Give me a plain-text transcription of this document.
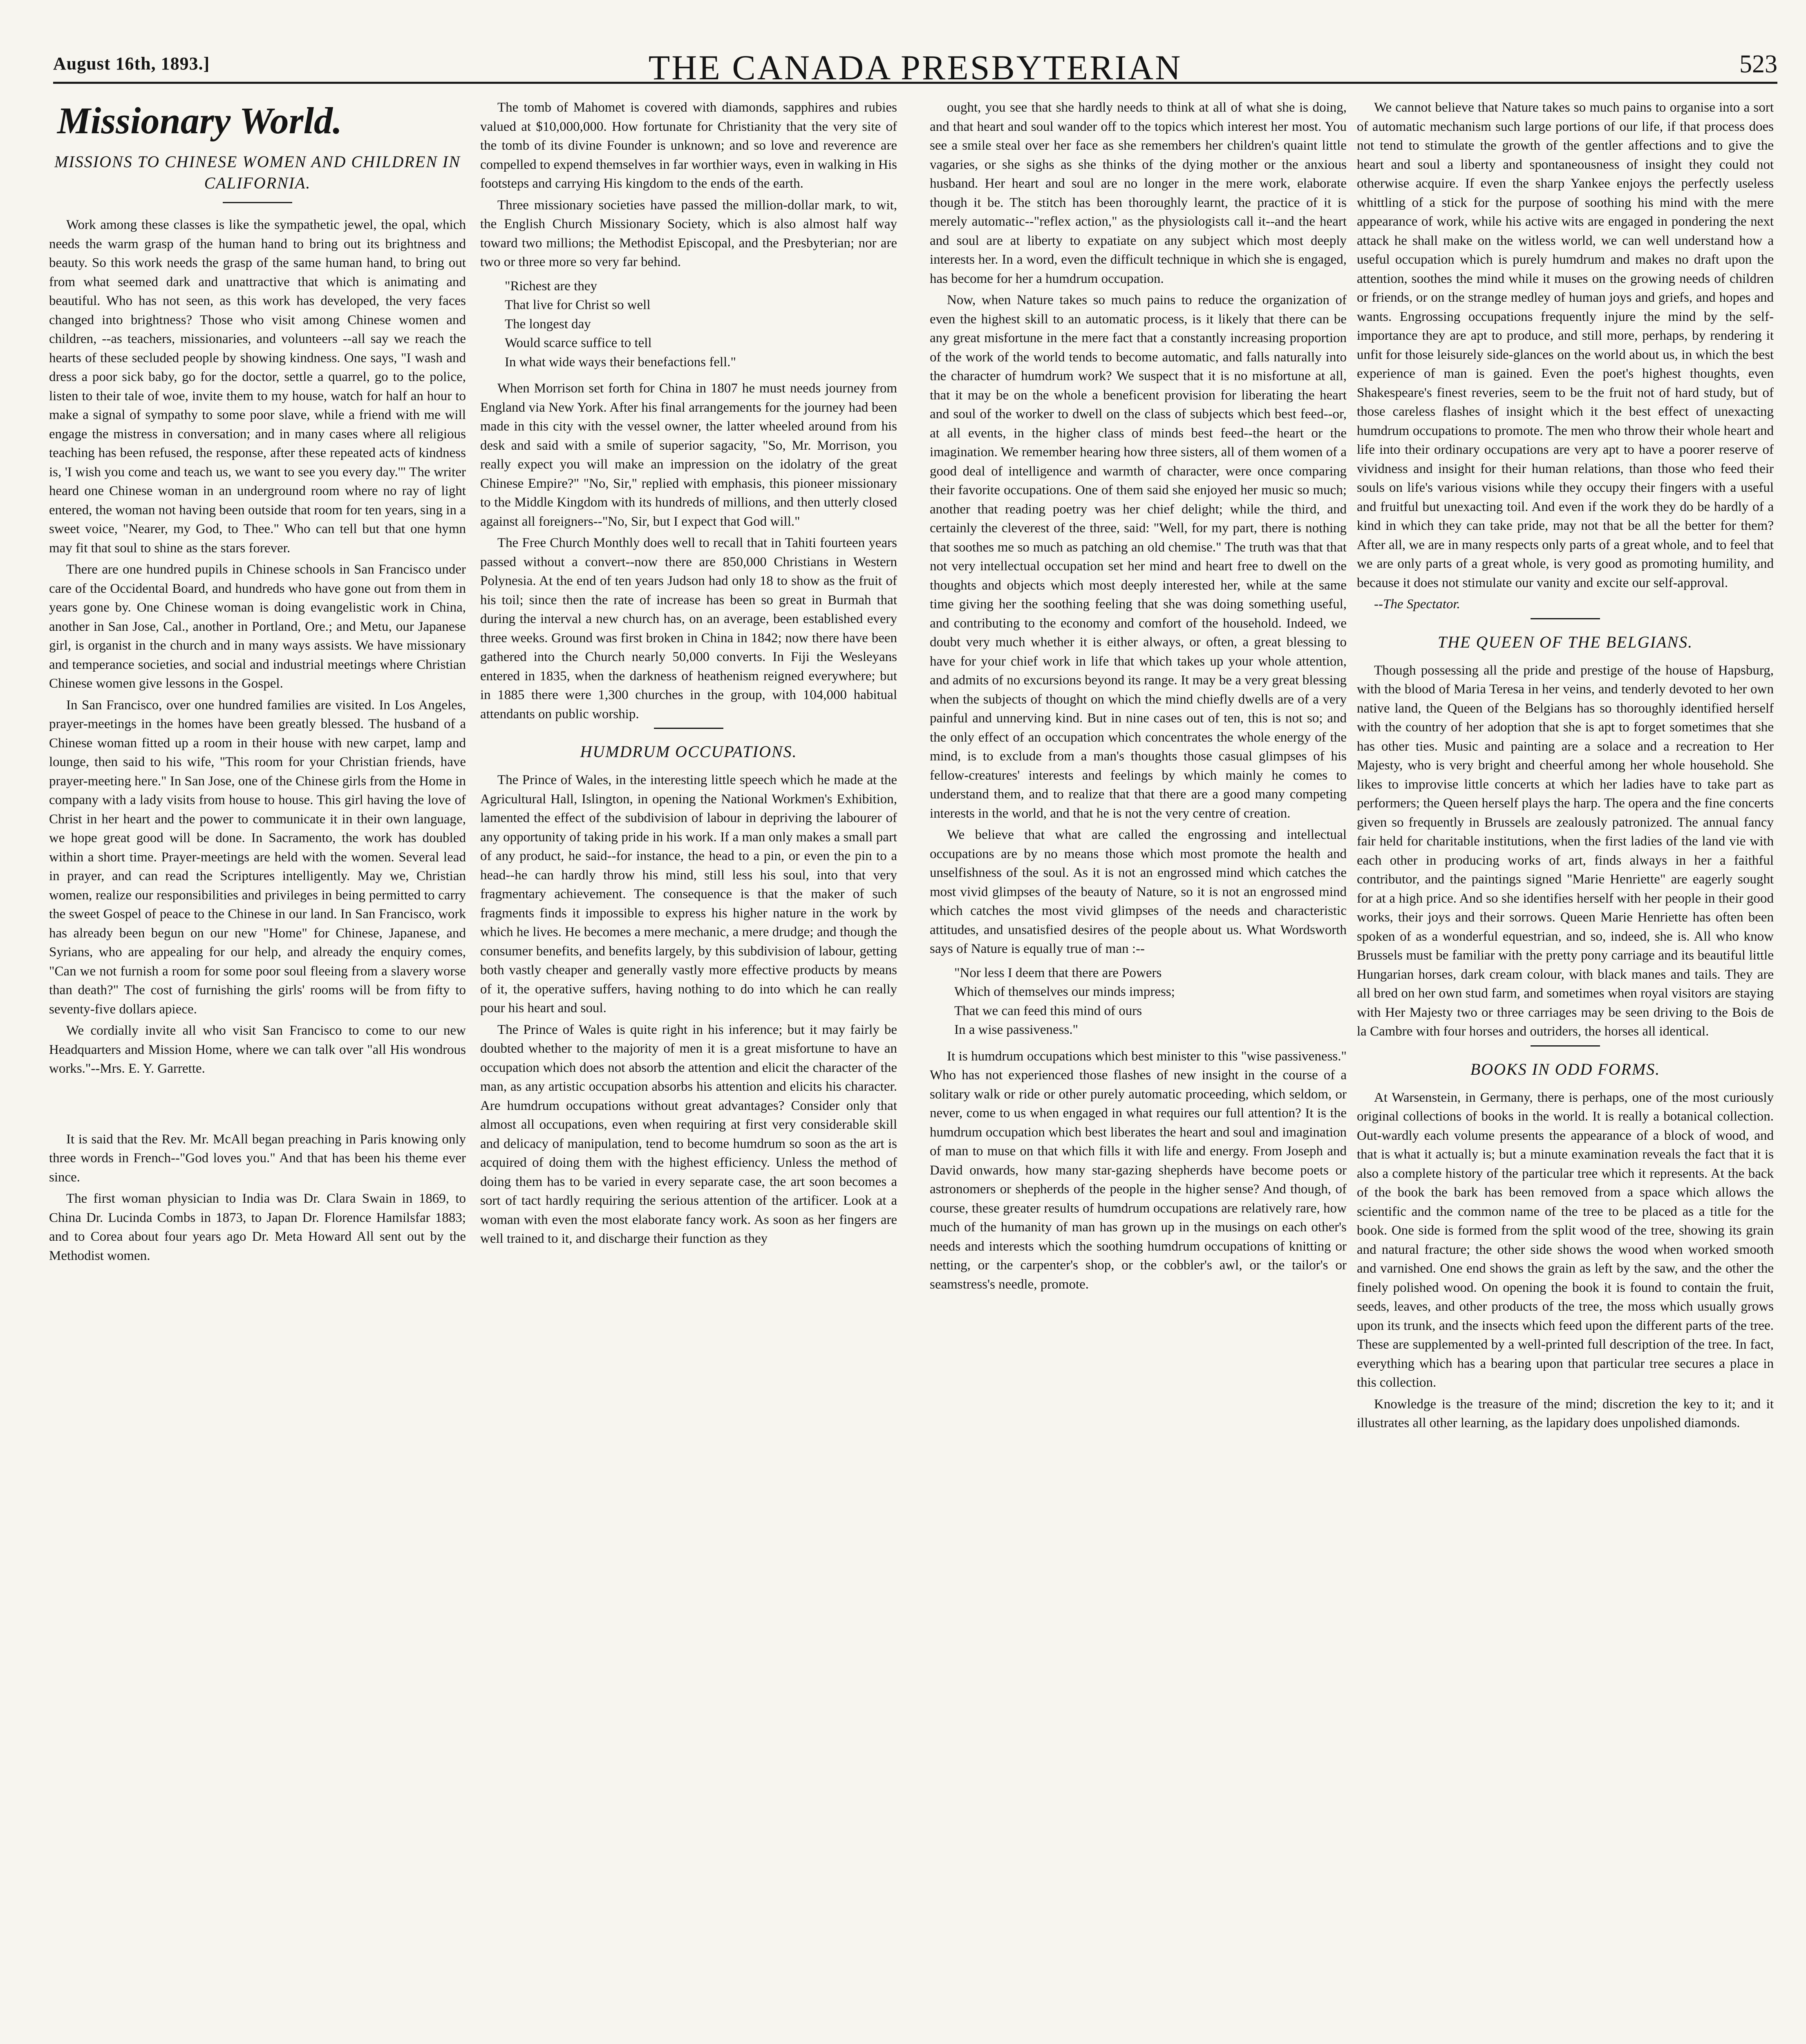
August 16th, 1893.]	THE CANADA PRESBYTERIAN	523
Missionary World.
MISSIONS TO CHINESE WOMEN AND CHILDREN IN CALIFORNIA.

Work among these classes is like the sympathetic jewel, the opal, which needs the warm grasp of the human hand to bring out its brightness and beauty. So this work needs the grasp of the same human hand, to bring out from what seemed dark and unattractive that which is animating and beautiful. Who has not seen, as this work has developed, the very faces changed into brightness? Those who visit among Chinese women and children, --as teachers, missionaries, and volunteers --all say we reach the hearts of these secluded people by showing kindness. One says, "I wash and dress a poor sick baby, go for the doctor, settle a quarrel, go to the police, listen to their tale of woe, invite them to my house, watch for half an hour to make a signal of sympathy to some poor slave, while a friend with me will engage the mistress in conversation; and in many cases where all religious teaching has been refused, the response, after these repeated acts of kindness is, 'I wish you come and teach us, we want to see you every day.'" The writer heard one Chinese woman in an underground room where no ray of light entered, the woman not having been outside that room for ten years, sing in a sweet voice, "Nearer, my God, to Thee." Who can tell but that one hymn may fit that soul to shine as the stars forever.

There are one hundred pupils in Chinese schools in San Francisco under care of the Occidental Board, and hundreds who have gone out from them in years gone by. One Chinese woman is doing evangelistic work in China, another in San Jose, Cal., another in Portland, Ore.; and Metu, our Japanese girl, is organist in the church and in many ways assists. We have missionary and temperance societies, and social and industrial meetings where Christian Chinese women give lessons in the Gospel.

In San Francisco, over one hundred families are visited. In Los Angeles, prayer-meetings in the homes have been greatly blessed. The husband of a Chinese woman fitted up a room in their house with new carpet, lamp and lounge, then said to his wife, "This room for your Christian friends, have prayer-meeting here." In San Jose, one of the Chinese girls from the Home in company with a lady visits from house to house. This girl having the love of Christ in her heart and the power to communicate it in their own language, we hope great good will be done. In Sacramento, the work has doubled within a short time. Prayer-meetings are held with the women. Several lead in prayer, and can read the Scriptures intelligently. May we, Christian women, realize our responsibilities and privileges in being permitted to carry the sweet Gospel of peace to the Chinese in our land. In San Francisco, work has already been begun on our new "Home" for Chinese, Japanese, and Syrians, who are appealing for our help, and already the enquiry comes, "Can we not furnish a room for some poor soul fleeing from a slavery worse than death?" The cost of furnishing the girls' rooms will be from fifty to seventy-five dollars apiece.

We cordially invite all who visit San Francisco to come to our new Headquarters and Mission Home, where we can talk over "all His wondrous works."--Mrs. E. Y. Garrette.

It is said that the Rev. Mr. McAll began preaching in Paris knowing only three words in French--"God loves you." And that has been his theme ever since.

The first woman physician to India was Dr. Clara Swain in 1869, to China Dr. Lucinda Combs in 1873, to Japan Dr. Florence Hamilsfar 1883; and to Corea about four years ago Dr. Meta Howard All sent out by the Methodist women.

The tomb of Mahomet is covered with diamonds, sapphires and rubies valued at $10,000,000. How fortunate for Christianity that the very site of the tomb of its divine Founder is unknown; and so love and reverence are compelled to expend themselves in far worthier ways, even in walking in His footsteps and carrying His kingdom to the ends of the earth.

Three missionary societies have passed the million-dollar mark, to wit, the English Church Missionary Society, which is also almost half way toward two millions; the Methodist Episcopal, and the Presbyterian; nor are two or three more so very far behind.

"Richest are they
That live for Christ so well
The longest day
Would scarce suffice to tell
In what wide ways their benefactions fell."

When Morrison set forth for China in 1807 he must needs journey from England via New York. After his final arrangements for the journey had been made in this city with the vessel owner, the latter wheeled around from his desk and said with a smile of superior sagacity, "So, Mr. Morrison, you really expect you will make an impression on the idolatry of the great Chinese Empire?" "No, Sir," replied with emphasis, this pioneer missionary to the Middle Kingdom with its hundreds of millions, and then utterly closed against all foreigners--"No, Sir, but I expect that God will."

The Free Church Monthly does well to recall that in Tahiti fourteen years passed without a convert--now there are 850,000 Christians in Western Polynesia. At the end of ten years Judson had only 18 to show as the fruit of his toil; since then the rate of increase has been so great in Burmah that during the interval a new church has, on an average, been established every three weeks. Ground was first broken in China in 1842; now there have been gathered into the Church nearly 50,000 converts. In Fiji the Wesleyans entered in 1835, when the darkness of heathenism reigned everywhere; but in 1885 there were 1,300 churches in the group, with 104,000 habitual attendants on public worship.

HUMDRUM OCCUPATIONS.

The Prince of Wales, in the interesting little speech which he made at the Agricultural Hall, Islington, in opening the National Workmen's Exhibition, lamented the effect of the subdivision of labour in depriving the labourer of any opportunity of taking pride in his work. If a man only makes a small part of any product, he said--for instance, the head to a pin, or even the pin to a head--he can hardly throw his mind, still less his soul, into that very fragmentary achievement. The consequence is that the maker of such fragments finds it impossible to express his higher nature in the work by which he lives. He becomes a mere mechanic, a mere drudge; and though the consumer benefits, and benefits largely, by this subdivision of labour, getting both vastly cheaper and generally vastly more effective products by means of it, the operative suffers, having nothing to do into which he can really pour his heart and soul.

The Prince of Wales is quite right in his inference; but it may fairly be doubted whether to the majority of men it is a great misfortune to have an occupation which does not absorb the attention and elicit the character of the man, as any artistic occupation absorbs his attention and elicits his character. Are humdrum occupations without great advantages? Consider only that almost all occupations, even when requiring at first very considerable skill and delicacy of manipulation, tend to become humdrum so soon as the art is acquired of doing them with the highest efficiency. Unless the method of doing them has to be varied in every separate case, the art soon becomes a sort of tact hardly requiring the serious attention of the artificer. Look at a woman with even the most elaborate fancy work. As soon as her fingers are well trained to it, and discharge their function as they

ought, you see that she hardly needs to think at all of what she is doing, and that heart and soul wander off to the topics which interest her most. You see a smile steal over her face as she remembers her children's quaint little vagaries, or she sighs as she thinks of the dying mother or the anxious husband. Her heart and soul are no longer in the mere work, elaborate though it be. The stitch has been thoroughly learnt, the practice of it is merely automatic--"reflex action," as the physiologists call it--and the heart and soul are at liberty to expatiate on any subject which most deeply interests her. In a word, even the difficult technique in which she is engaged, has become for her a humdrum occupation.

Now, when Nature takes so much pains to reduce the organization of even the highest skill to an automatic process, is it likely that there can be any great misfortune in the mere fact that a constantly increasing proportion of the work of the world tends to become automatic, and falls naturally into the character of humdrum work? We suspect that it is no misfortune at all, that it may be on the whole a beneficent provision for liberating the heart and soul of the worker to dwell on the class of subjects which best feed--or, at all events, in the higher class of minds best feed--the heart or the imagination. We remember hearing how three sisters, all of them women of a good deal of intelligence and warmth of character, were once comparing their favorite occupations. One of them said she enjoyed her music so much; another that reading poetry was her chief delight; while the third, and certainly the cleverest of the three, said: "Well, for my part, there is nothing that soothes me so much as patching an old chemise." The truth was that that not very intellectual occupation set her mind and heart free to dwell on the thoughts and objects which most deeply interested her, while at the same time giving her the soothing feeling that she was doing something useful, and contributing to the economy and comfort of the household. Indeed, we doubt very much whether it is either always, or often, a great blessing to have for your chief work in life that which takes up your whole attention, and admits of no excursions beyond its range. It may be a very great blessing when the subjects of thought on which the mind chiefly dwells are of a very painful and unnerving kind. But in nine cases out of ten, this is not so; and the only effect of an occupation which concentrates the whole energy of the mind, is to exclude from a man's thoughts those casual glimpses of his fellow-creatures' interests and feelings by which mainly he comes to understand them, and to realize that that there are a good many competing interests in the world, and that he is not the very centre of creation.

We believe that what are called the engrossing and intellectual occupations are by no means those which most promote the health and unselfishness of the soul. As it is not an engrossed mind which catches the most vivid glimpses of the beauty of Nature, so it is not an engrossed mind which catches the most vivid glimpses of the needs and characteristic attitudes, and unsatisfied desires of the people about us. What Wordsworth says of Nature is equally true of man :--

"Nor less I deem that there are Powers
Which of themselves our minds impress;
That we can feed this mind of ours
In a wise passiveness."

It is humdrum occupations which best minister to this "wise passiveness." Who has not experienced those flashes of new insight in the course of a solitary walk or ride or other purely automatic proceeding, which seldom, or never, come to us when engaged in what requires our full attention? It is the humdrum occupation which best liberates the heart and soul and imagination of man to muse on that which fills it with life and energy. From Joseph and David onwards, how many star-gazing shepherds have become poets or astronomers or shepherds of the people in the higher sense? And though, of course, these greater results of humdrum occupations are relatively rare, how much of the humanity of man has grown up in the musings on each other's needs and interests which the soothing humdrum occupations of knitting or netting, or the carpenter's shop, or the cobbler's awl, or the tailor's or seamstress's needle, promote.

We cannot believe that Nature takes so much pains to organise into a sort of automatic mechanism such large portions of our life, if that process does not tend to stimulate the growth of the gentler affections and to give the heart and soul a liberty and spontaneousness of insight they could not otherwise acquire. If even the sharp Yankee enjoys the perfectly useless whittling of a stick for the purpose of soothing his mind with the mere appearance of work, while his active wits are engaged in pondering the next attack he shall make on the witless world, we can well understand how a useful occupation which is purely humdrum and makes no draft upon the attention, soothes the mind while it muses on the growing needs of children or friends, or on the strange medley of human joys and griefs, and hopes and wants. Engrossing occupations frequently injure the mind by the self-importance they are apt to produce, and still more, perhaps, by rendering it unfit for those leisurely side-glances on the world about us, in which the best experience of man is gained. Even the poet's highest thoughts, even Shakespeare's finest reveries, seem to be the fruit not of hard study, but of those careless flashes of insight which it the best effect of unexacting humdrum occupations to promote. The men who throw their whole heart and life into their ordinary occupations are very apt to have a poorer reserve of vividness and insight for their human relations, than those who feed their souls on life's various visions while they occupy their fingers with a useful and fruitful but unexacting toil. And even if the work they do be hardly of a kind in which they can take pride, may not that be all the better for them? After all, we are in many respects only parts of a great whole, and to feel that we are only parts of a great whole, is very good as promoting humility, and because it does not stimulate our vanity and excite our self-approval.

--The Spectator.

THE QUEEN OF THE BELGIANS.

Though possessing all the pride and prestige of the house of Hapsburg, with the blood of Maria Teresa in her veins, and tenderly devoted to her own native land, the Queen of the Belgians has so thoroughly identified herself with the country of her adoption that she is apt to forget sometimes that she has other ties. Music and painting are a solace and a recreation to Her Majesty, who is very bright and cheerful among her whole household. She likes to improvise little concerts at which her ladies have to take part as performers; the Queen herself plays the harp. The opera and the fine concerts given so frequently in Brussels are zealously patronized. The annual fancy fair held for charitable institutions, when the first ladies of the land vie with each other in producing works of art, finds always in her a faithful contributor, and the paintings signed "Marie Henriette" are eagerly sought for at a high price. And so she identifies herself with her people in their good works, their joys and their sorrows. Queen Marie Henriette has often been spoken of as a wonderful equestrian, and so, indeed, she is. All who know Brussels must be familiar with the pretty pony carriage and its beautiful little Hungarian horses, dark cream colour, with black manes and tails. They are all bred on her own stud farm, and sometimes when royal visitors are staying with Her Majesty two or three carriages may be seen driving to the Bois de la Cambre with four horses and outriders, the horses all identical.

BOOKS IN ODD FORMS.

At Warsenstein, in Germany, there is perhaps, one of the most curiously original collections of books in the world. It is really a botanical collection. Out-wardly each volume presents the appearance of a block of wood, and that is what it actually is; but a minute examination reveals the fact that it is also a complete history of the particular tree which it represents. At the back of the book the bark has been removed from a space which allows the scientific and the common name of the tree to be placed as a title for the book. One side is formed from the split wood of the tree, showing its grain and natural fracture; the other side shows the wood when worked smooth and varnished. One end shows the grain as left by the saw, and the other the finely polished wood. On opening the book it is found to contain the fruit, seeds, leaves, and other products of the tree, the moss which usually grows upon its trunk, and the insects which feed upon the different parts of the tree. These are supplemented by a well-printed full description of the tree. In fact, everything which has a bearing upon that particular tree secures a place in this collection.

Knowledge is the treasure of the mind; discretion the key to it; and it illustrates all other learning, as the lapidary does unpolished diamonds.
